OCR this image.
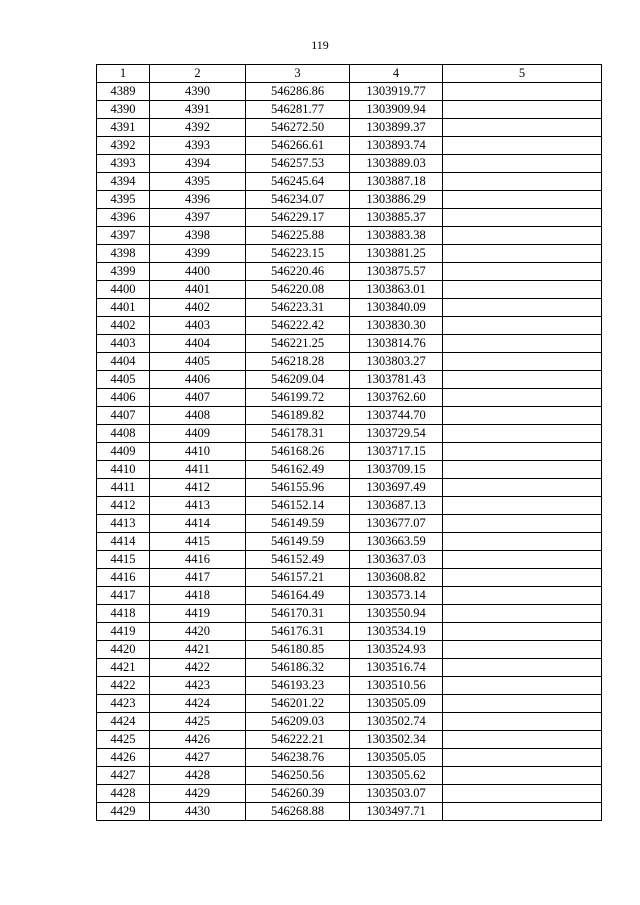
119
1	2	3	4	5
4389	4390	546286.86	1303919.77	
4390	4391	546281.77	1303909.94	
4391	4392	546272.50	1303899.37	
4392	4393	546266.61	1303893.74	
4393	4394	546257.53	1303889.03	
4394	4395	546245.64	1303887.18	
4395	4396	546234.07	1303886.29	
4396	4397	546229.17	1303885.37	
4397	4398	546225.88	1303883.38	
4398	4399	546223.15	1303881.25	
4399	4400	546220.46	1303875.57	
4400	4401	546220.08	1303863.01	
4401	4402	546223.31	1303840.09	
4402	4403	546222.42	1303830.30	
4403	4404	546221.25	1303814.76	
4404	4405	546218.28	1303803.27	
4405	4406	546209.04	1303781.43	
4406	4407	546199.72	1303762.60	
4407	4408	546189.82	1303744.70	
4408	4409	546178.31	1303729.54	
4409	4410	546168.26	1303717.15	
4410	4411	546162.49	1303709.15	
4411	4412	546155.96	1303697.49	
4412	4413	546152.14	1303687.13	
4413	4414	546149.59	1303677.07	
4414	4415	546149.59	1303663.59	
4415	4416	546152.49	1303637.03	
4416	4417	546157.21	1303608.82	
4417	4418	546164.49	1303573.14	
4418	4419	546170.31	1303550.94	
4419	4420	546176.31	1303534.19	
4420	4421	546180.85	1303524.93	
4421	4422	546186.32	1303516.74	
4422	4423	546193.23	1303510.56	
4423	4424	546201.22	1303505.09	
4424	4425	546209.03	1303502.74	
4425	4426	546222.21	1303502.34	
4426	4427	546238.76	1303505.05	
4427	4428	546250.56	1303505.62	
4428	4429	546260.39	1303503.07	
4429	4430	546268.88	1303497.71	
